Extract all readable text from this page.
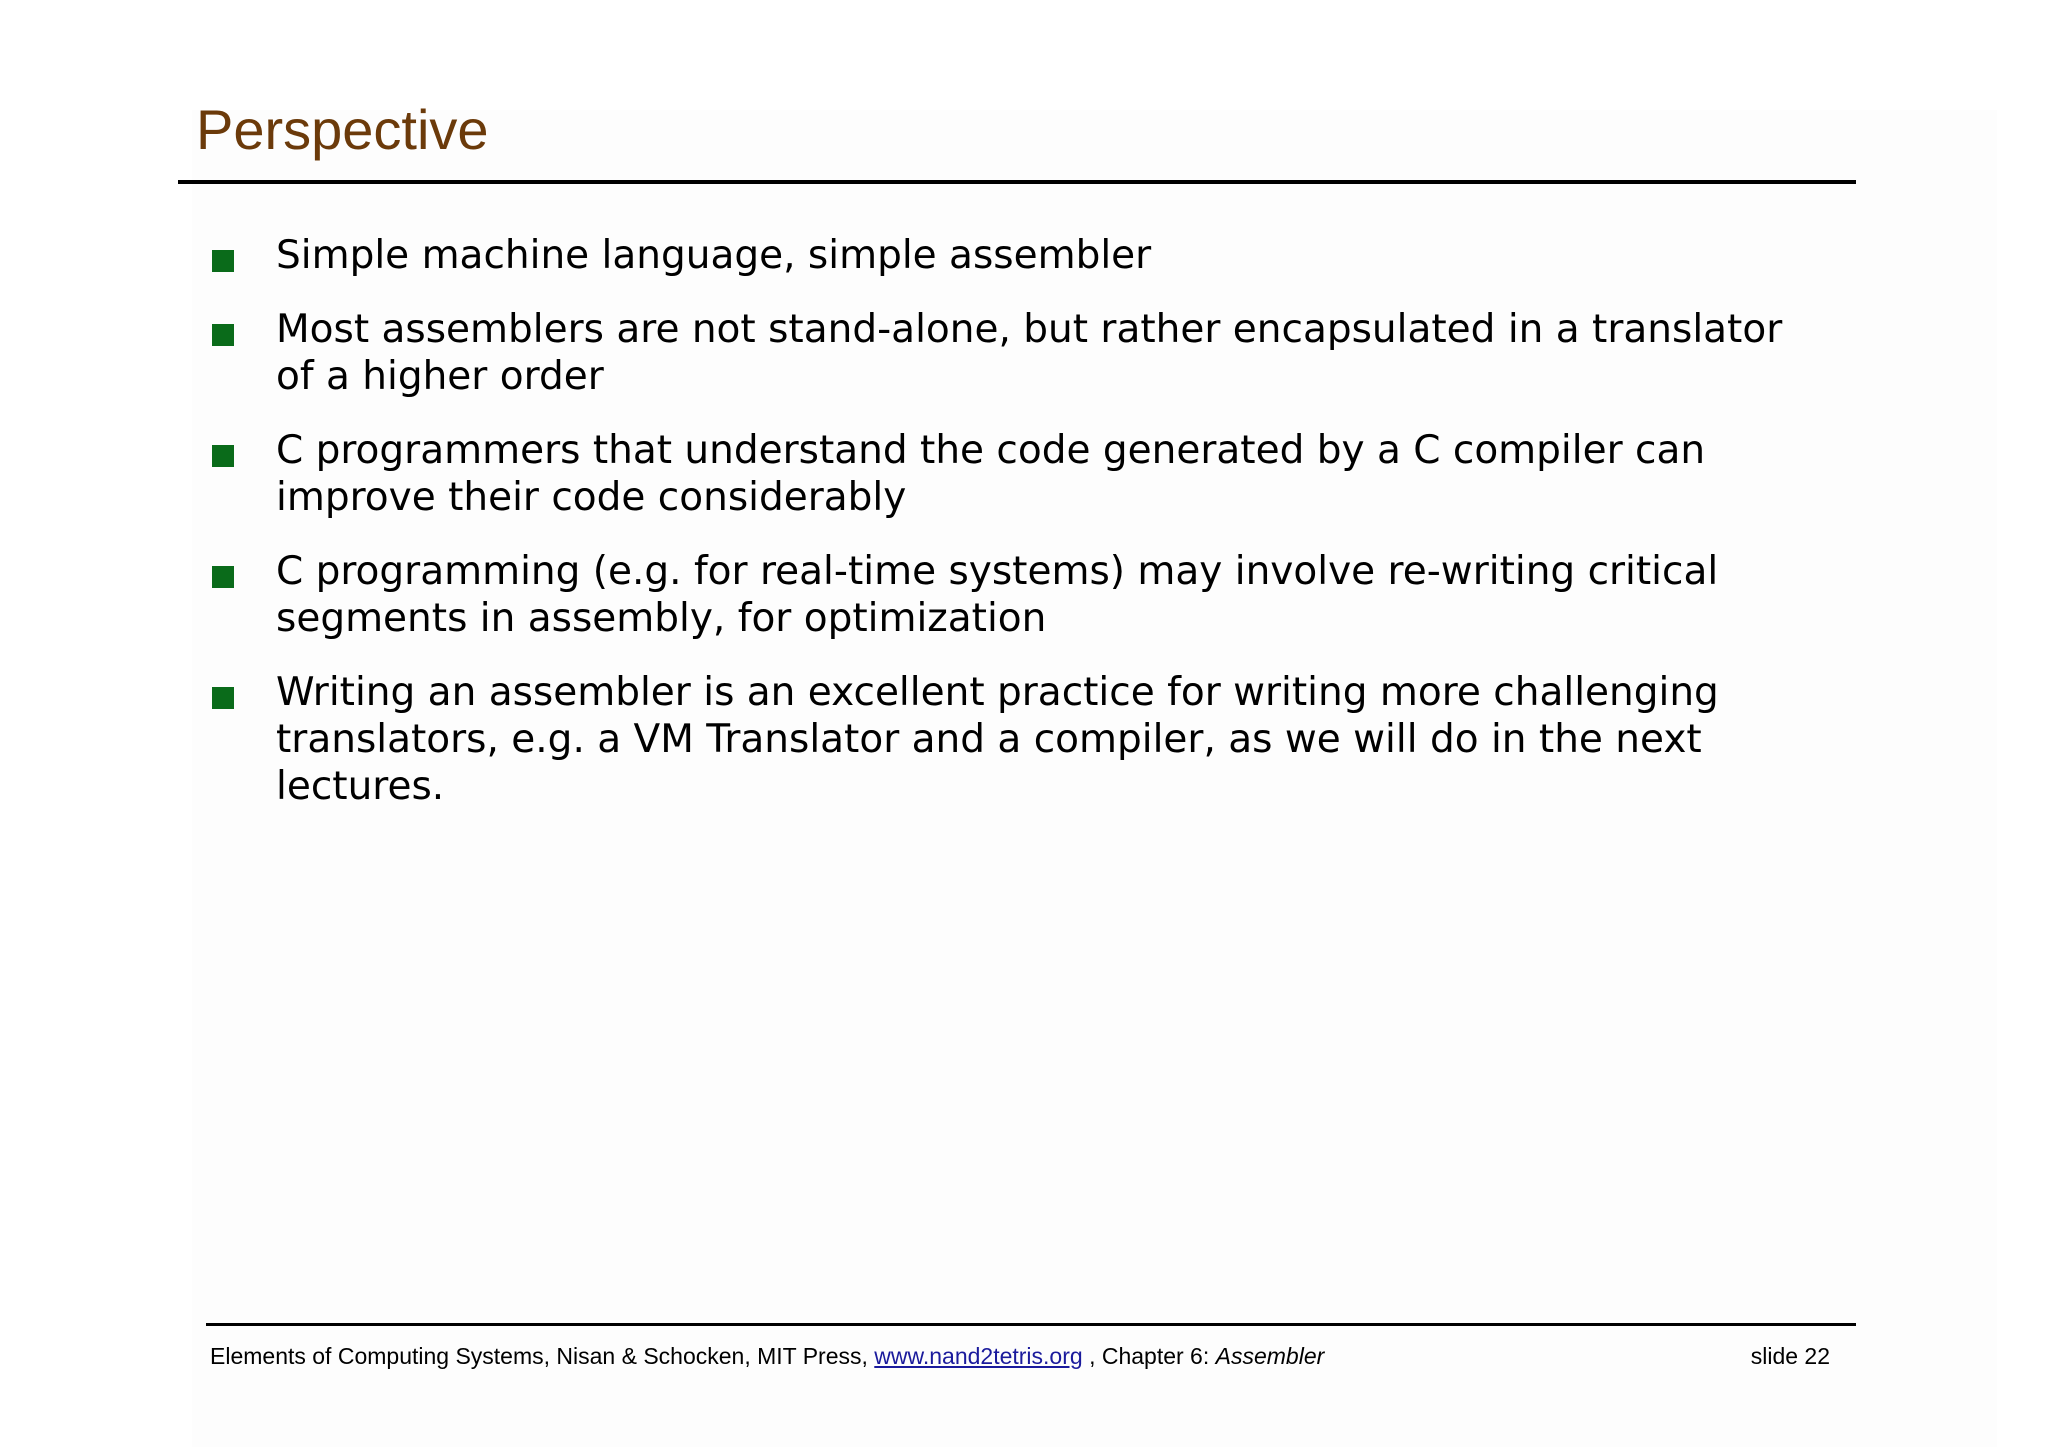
Perspective
Simple machine language, simple assembler
Most assemblers are not stand-alone, but rather encapsulated in a translator of a higher order
C programmers that understand the code generated by a C compiler can improve their code considerably
C programming (e.g. for real-time systems) may involve re-writing critical segments in assembly, for optimization
Writing an assembler is an excellent practice for writing more challenging translators, e.g. a VM Translator and a compiler, as we will do in the next lectures.
Elements of Computing Systems, Nisan & Schocken, MIT Press, www.nand2tetris.org , Chapter 6: Assembler	slide 22
